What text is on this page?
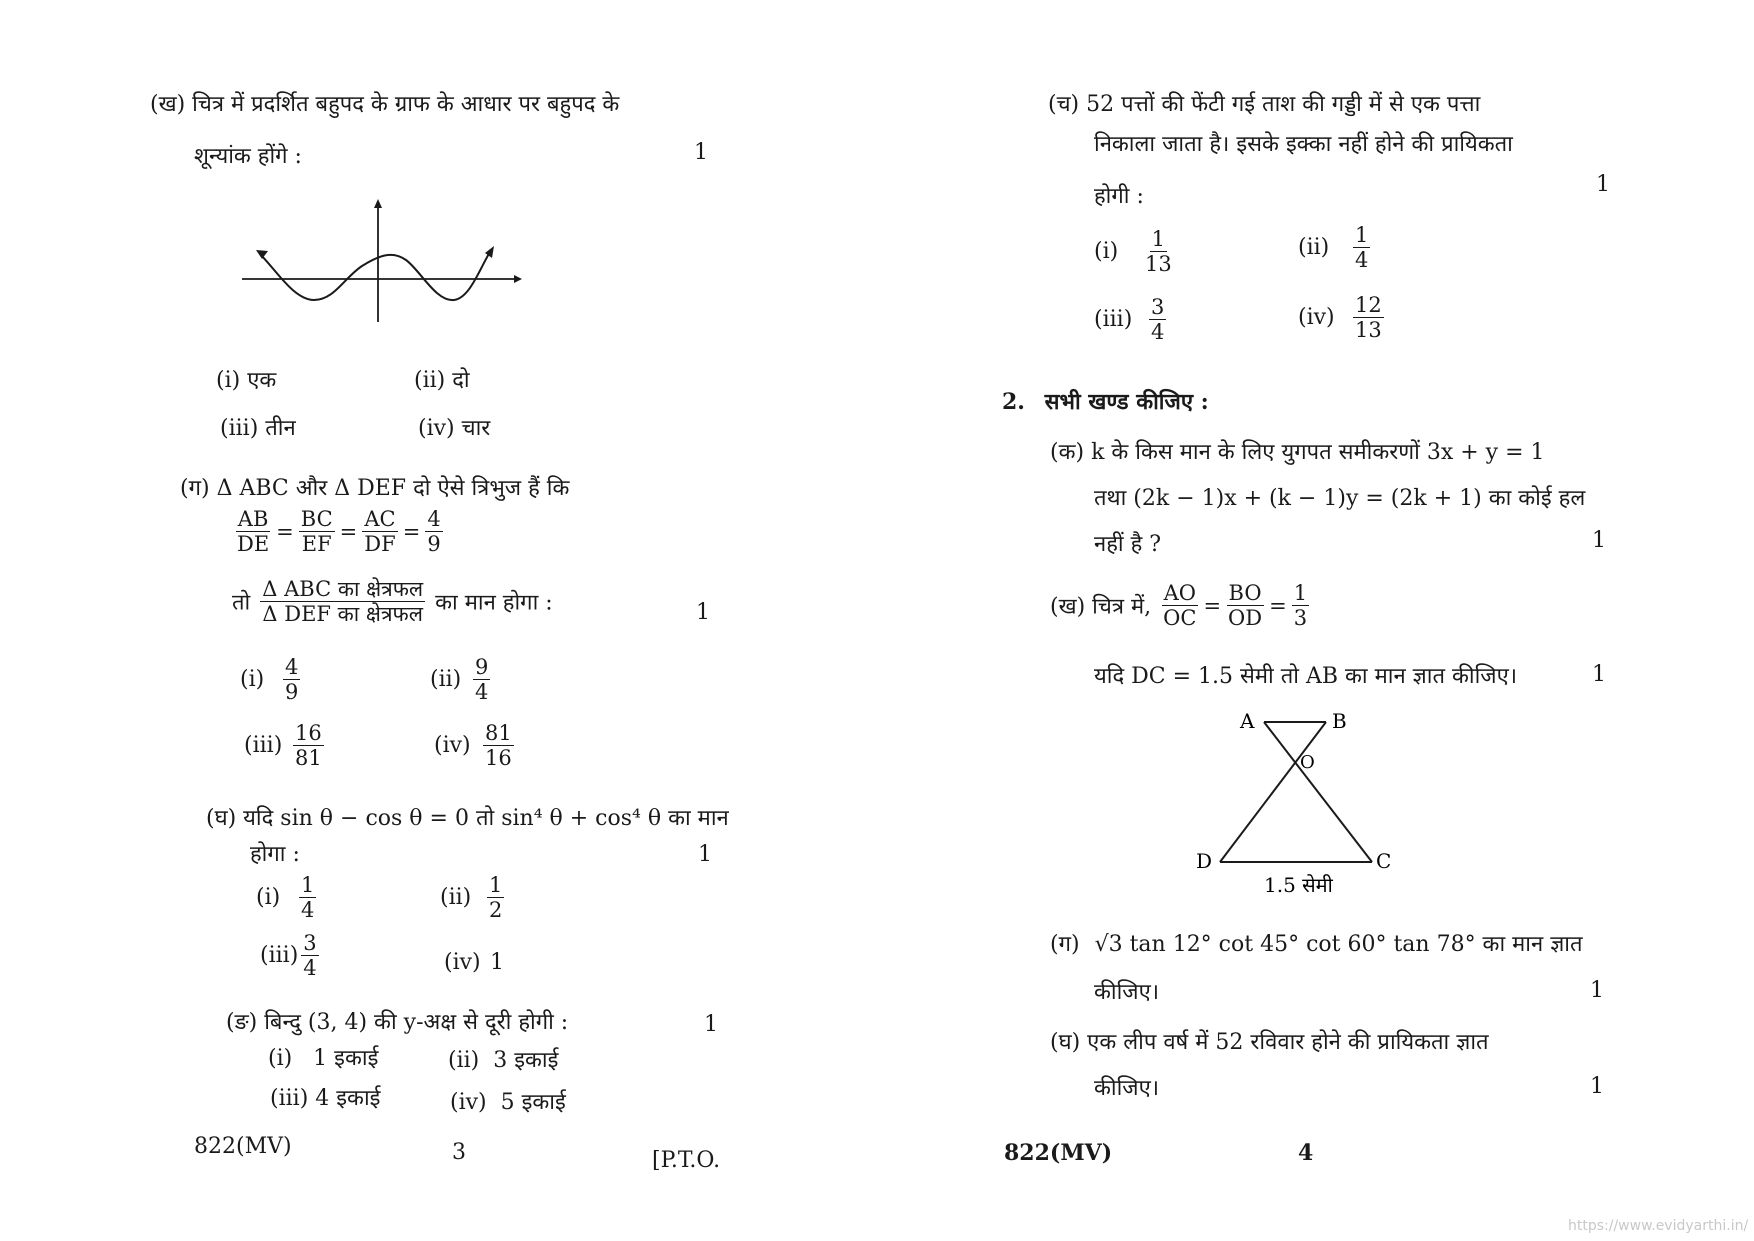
(ख) चित्र में प्रदर्शित बहुपद के ग्राफ के आधार पर बहुपद के
शून्यांक होंगे :	1
(i) एक	(ii) दो
(iii) तीन	(iv) चार
(ग) Δ ABC और Δ DEF दो ऐसे त्रिभुज हैं कि
$\frac{AB}{DE} = \frac{BC}{EF} = \frac{AC}{DF} = \frac{4}{9}$
तो $\frac{\text{Δ ABC का क्षेत्रफल}}{\text{Δ DEF का क्षेत्रफल}}$ का मान होगा :	1
$(i) \frac{4}{9}$	$(ii) \frac{9}{4}$
$(iii) \frac{16}{81}$	$(iv) \frac{81}{16}$
(घ) यदि sin θ − cos θ = 0 तो sin⁴ θ + cos⁴ θ का मान
होगा :	1
$(i) \frac{1}{4}$	$(ii) \frac{1}{2}$
$(iii) \frac{3}{4}$	(iv) 1
(ङ) बिन्दु (3, 4) की y-अक्ष से दूरी होगी :	1
(i)   1 इकाई	(ii)  3 इकाई
(iii) 4 इकाई	(iv)  5 इकाई
822(MV)	3	[P.T.O.
(च) 52 पत्तों की फेंटी गई ताश की गड्डी में से एक पत्ता
निकाला जाता है। इसके इक्का नहीं होने की प्रायिकता
होगी :	1
$(i) \frac{1}{13}$	$(ii) \frac{1}{4}$
$(iii) \frac{3}{4}$	$(iv) \frac{12}{13}$
2. सभी खण्ड कीजिए :
(क) k के किस मान के लिए युगपत समीकरणों 3x + y = 1
तथा (2k − 1)x + (k − 1)y = (2k + 1) का कोई हल
नहीं है ?	1
(ख) चित्र में, $\frac{AO}{OC} = \frac{BO}{OD} = \frac{1}{3}$
यदि DC = 1.5 सेमी तो AB का मान ज्ञात कीजिए।	1
A	B
O
D	C
1.5 सेमी
(ग) √3 tan 12° cot 45° cot 60° tan 78° का मान ज्ञात
कीजिए।	1
(घ) एक लीप वर्ष में 52 रविवार होने की प्रायिकता ज्ञात
कीजिए।	1
822(MV)	4
https://www.evidyarthi.in/
